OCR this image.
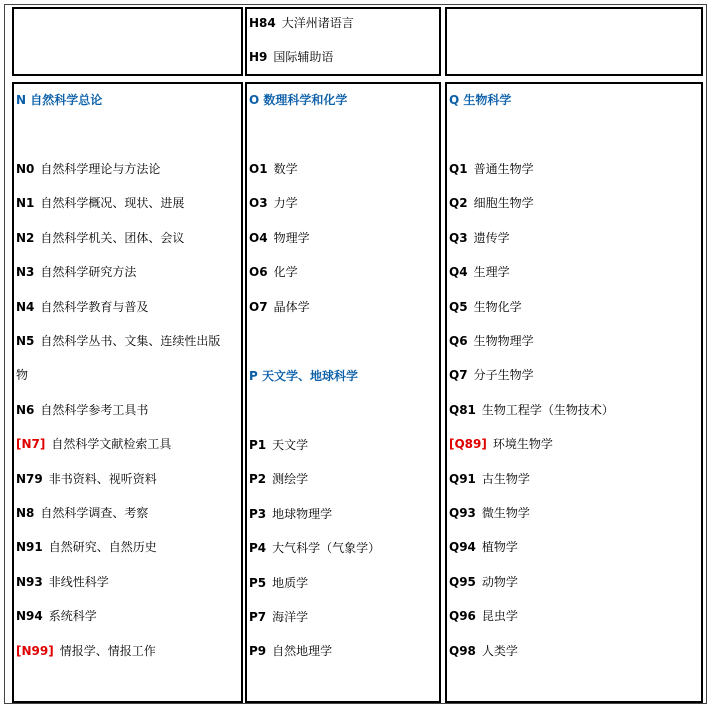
H84 大洋州诸语言
H9 国际辅助语
N 自然科学总论
N0 自然科学理论与方法论
N1 自然科学概况、现状、进展
N2 自然科学机关、团体、会议
N3 自然科学研究方法
N4 自然科学教育与普及
N5 自然科学丛书、文集、连续性出版
物
N6 自然科学参考工具书
[N7] 自然科学文献检索工具
N79 非书资料、视听资料
N8 自然科学调查、考察
N91 自然研究、自然历史
N93 非线性科学
N94 系统科学
[N99] 情报学、情报工作
O 数理科学和化学
P 天文学、地球科学
O1 数学
O3 力学
O4 物理学
O6 化学
O7 晶体学
P1 天文学
P2 测绘学
P3 地球物理学
P4 大气科学（气象学）
P5 地质学
P7 海洋学
P9 自然地理学
Q 生物科学
Q1 普通生物学
Q2 细胞生物学
Q3 遗传学
Q4 生理学
Q5 生物化学
Q6 生物物理学
Q7 分子生物学
Q81 生物工程学（生物技术）
[Q89] 环境生物学
Q91 古生物学
Q93 微生物学
Q94 植物学
Q95 动物学
Q96 昆虫学
Q98 人类学
